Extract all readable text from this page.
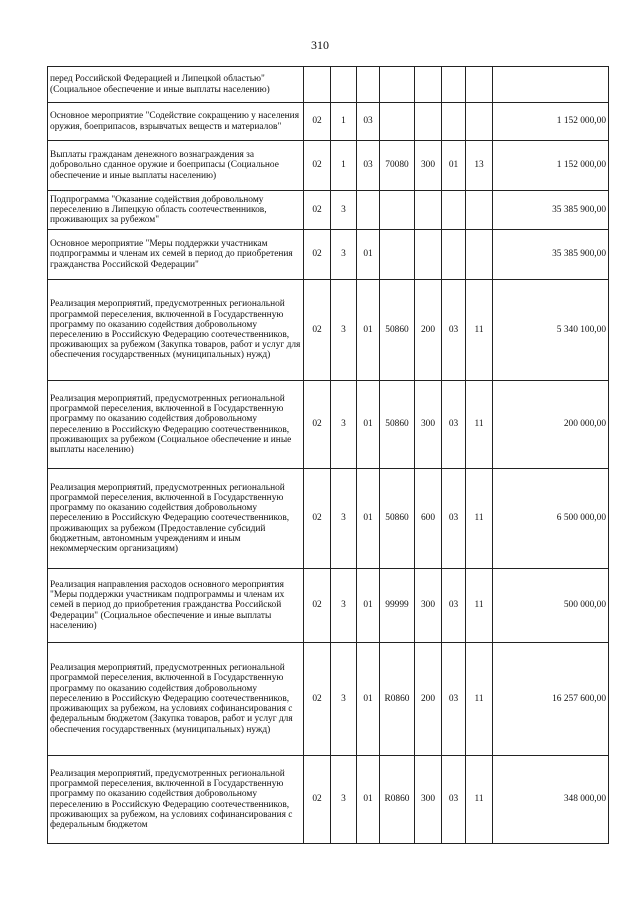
310
перед Российской Федерацией и Липецкой областью" (Социальное обеспечение и иные выплаты населению)								
Основное мероприятие "Содействие сокращению у населения оружия, боеприпасов, взрывчатых веществ и материалов"	02	1	03					1 152 000,00
Выплаты гражданам денежного вознаграждения за добровольно сданное оружие и боеприпасы (Социальное обеспечение и иные выплаты населению)	02	1	03	70080	300	01	13	1 152 000,00
Подпрограмма "Оказание содействия добровольному переселению в Липецкую область соотечественников, проживающих за рубежом"	02	3						35 385 900,00
Основное мероприятие "Меры поддержки участникам подпрограммы и членам их семей в период до приобретения гражданства Российской Федерации"	02	3	01					35 385 900,00
Реализация мероприятий, предусмотренных региональной программой переселения, включенной в Государственную программу по оказанию содействия добровольному переселению в Российскую Федерацию соотечественников, проживающих за рубежом (Закупка товаров, работ и услуг для обеспечения государственных (муниципальных) нужд)	02	3	01	50860	200	03	11	5 340 100,00
Реализация мероприятий, предусмотренных региональной программой переселения, включенной в Государственную программу по оказанию содействия добровольному переселению в Российскую Федерацию соотечественников, проживающих за рубежом (Социальное обеспечение и иные выплаты населению)	02	3	01	50860	300	03	11	200 000,00
Реализация мероприятий, предусмотренных региональной программой переселения, включенной в Государственную программу по оказанию содействия добровольному переселению в Российскую Федерацию соотечественников, проживающих за рубежом (Предоставление субсидий бюджетным, автономным учреждениям и иным некоммерческим организациям)	02	3	01	50860	600	03	11	6 500 000,00
Реализация направления расходов основного мероприятия "Меры поддержки участникам подпрограммы и членам их семей в период до приобретения гражданства Российской Федерации" (Социальное обеспечение и иные выплаты населению)	02	3	01	99999	300	03	11	500 000,00
Реализация мероприятий, предусмотренных региональной программой переселения, включенной в Государственную программу по оказанию содействия добровольному переселению в Российскую Федерацию соотечественников, проживающих за рубежом, на условиях софинансирования с федеральным бюджетом (Закупка товаров, работ и услуг для обеспечения государственных (муниципальных) нужд)	02	3	01	R0860	200	03	11	16 257 600,00
Реализация мероприятий, предусмотренных региональной программой переселения, включенной в Государственную программу по оказанию содействия добровольному переселению в Российскую Федерацию соотечественников, проживающих за рубежом, на условиях софинансирования с федеральным бюджетом	02	3	01	R0860	300	03	11	348 000,00
